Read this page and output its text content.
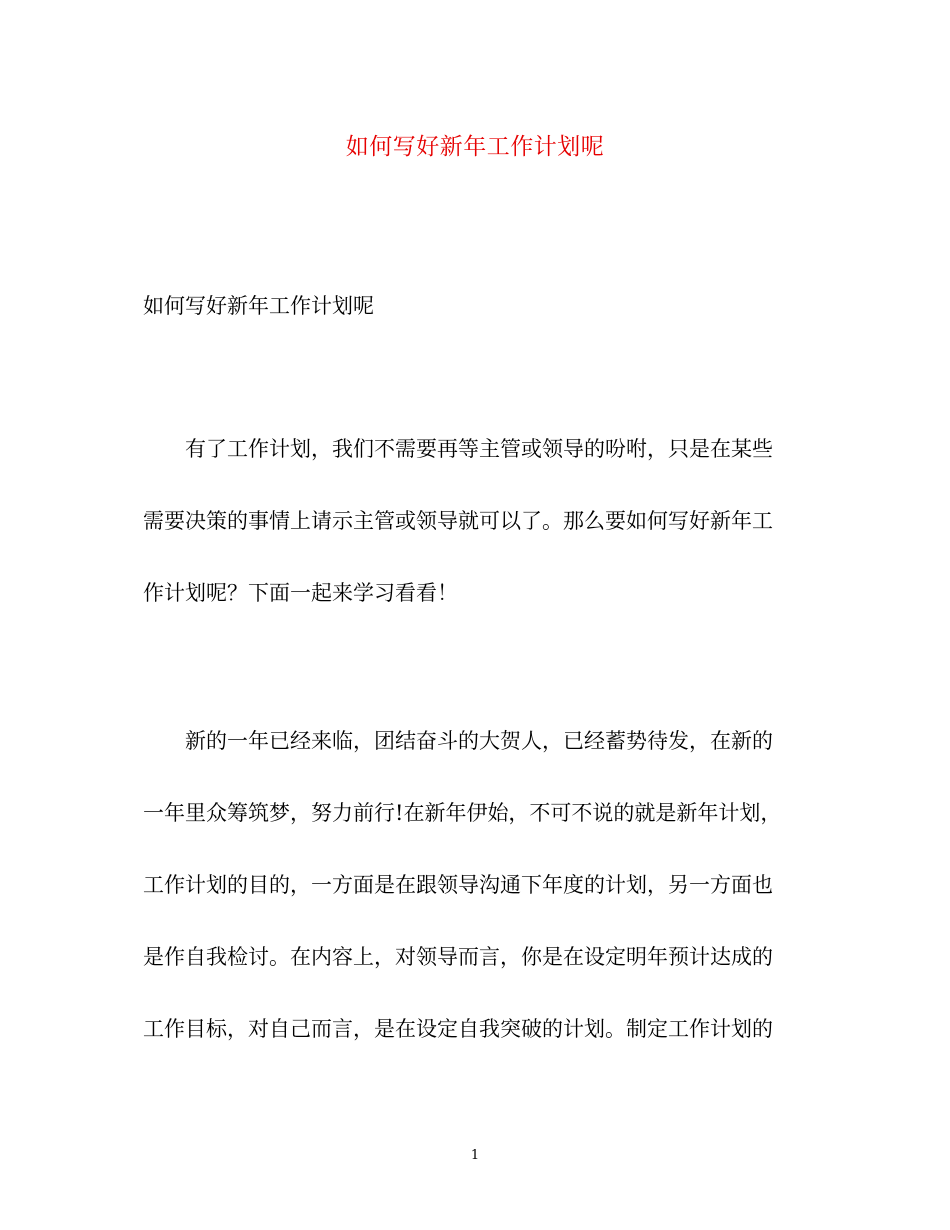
如何写好新年工作计划呢
如何写好新年工作计划呢
　　有了工作计划，我们不需要再等主管或领导的吩咐，只是在某些
需要决策的事情上请示主管或领导就可以了。那么要如何写好新年工
作计划呢？下面一起来学习看看！
　　新的一年已经来临，团结奋斗的大贺人，已经蓄势待发，在新的
一年里众筹筑梦，努力前行!在新年伊始，不可不说的就是新年计划，
工作计划的目的，一方面是在跟领导沟通下年度的计划，另一方面也
是作自我检讨。在内容上，对领导而言，你是在设定明年预计达成的
工作目标，对自己而言，是在设定自我突破的计划。制定工作计划的
1
